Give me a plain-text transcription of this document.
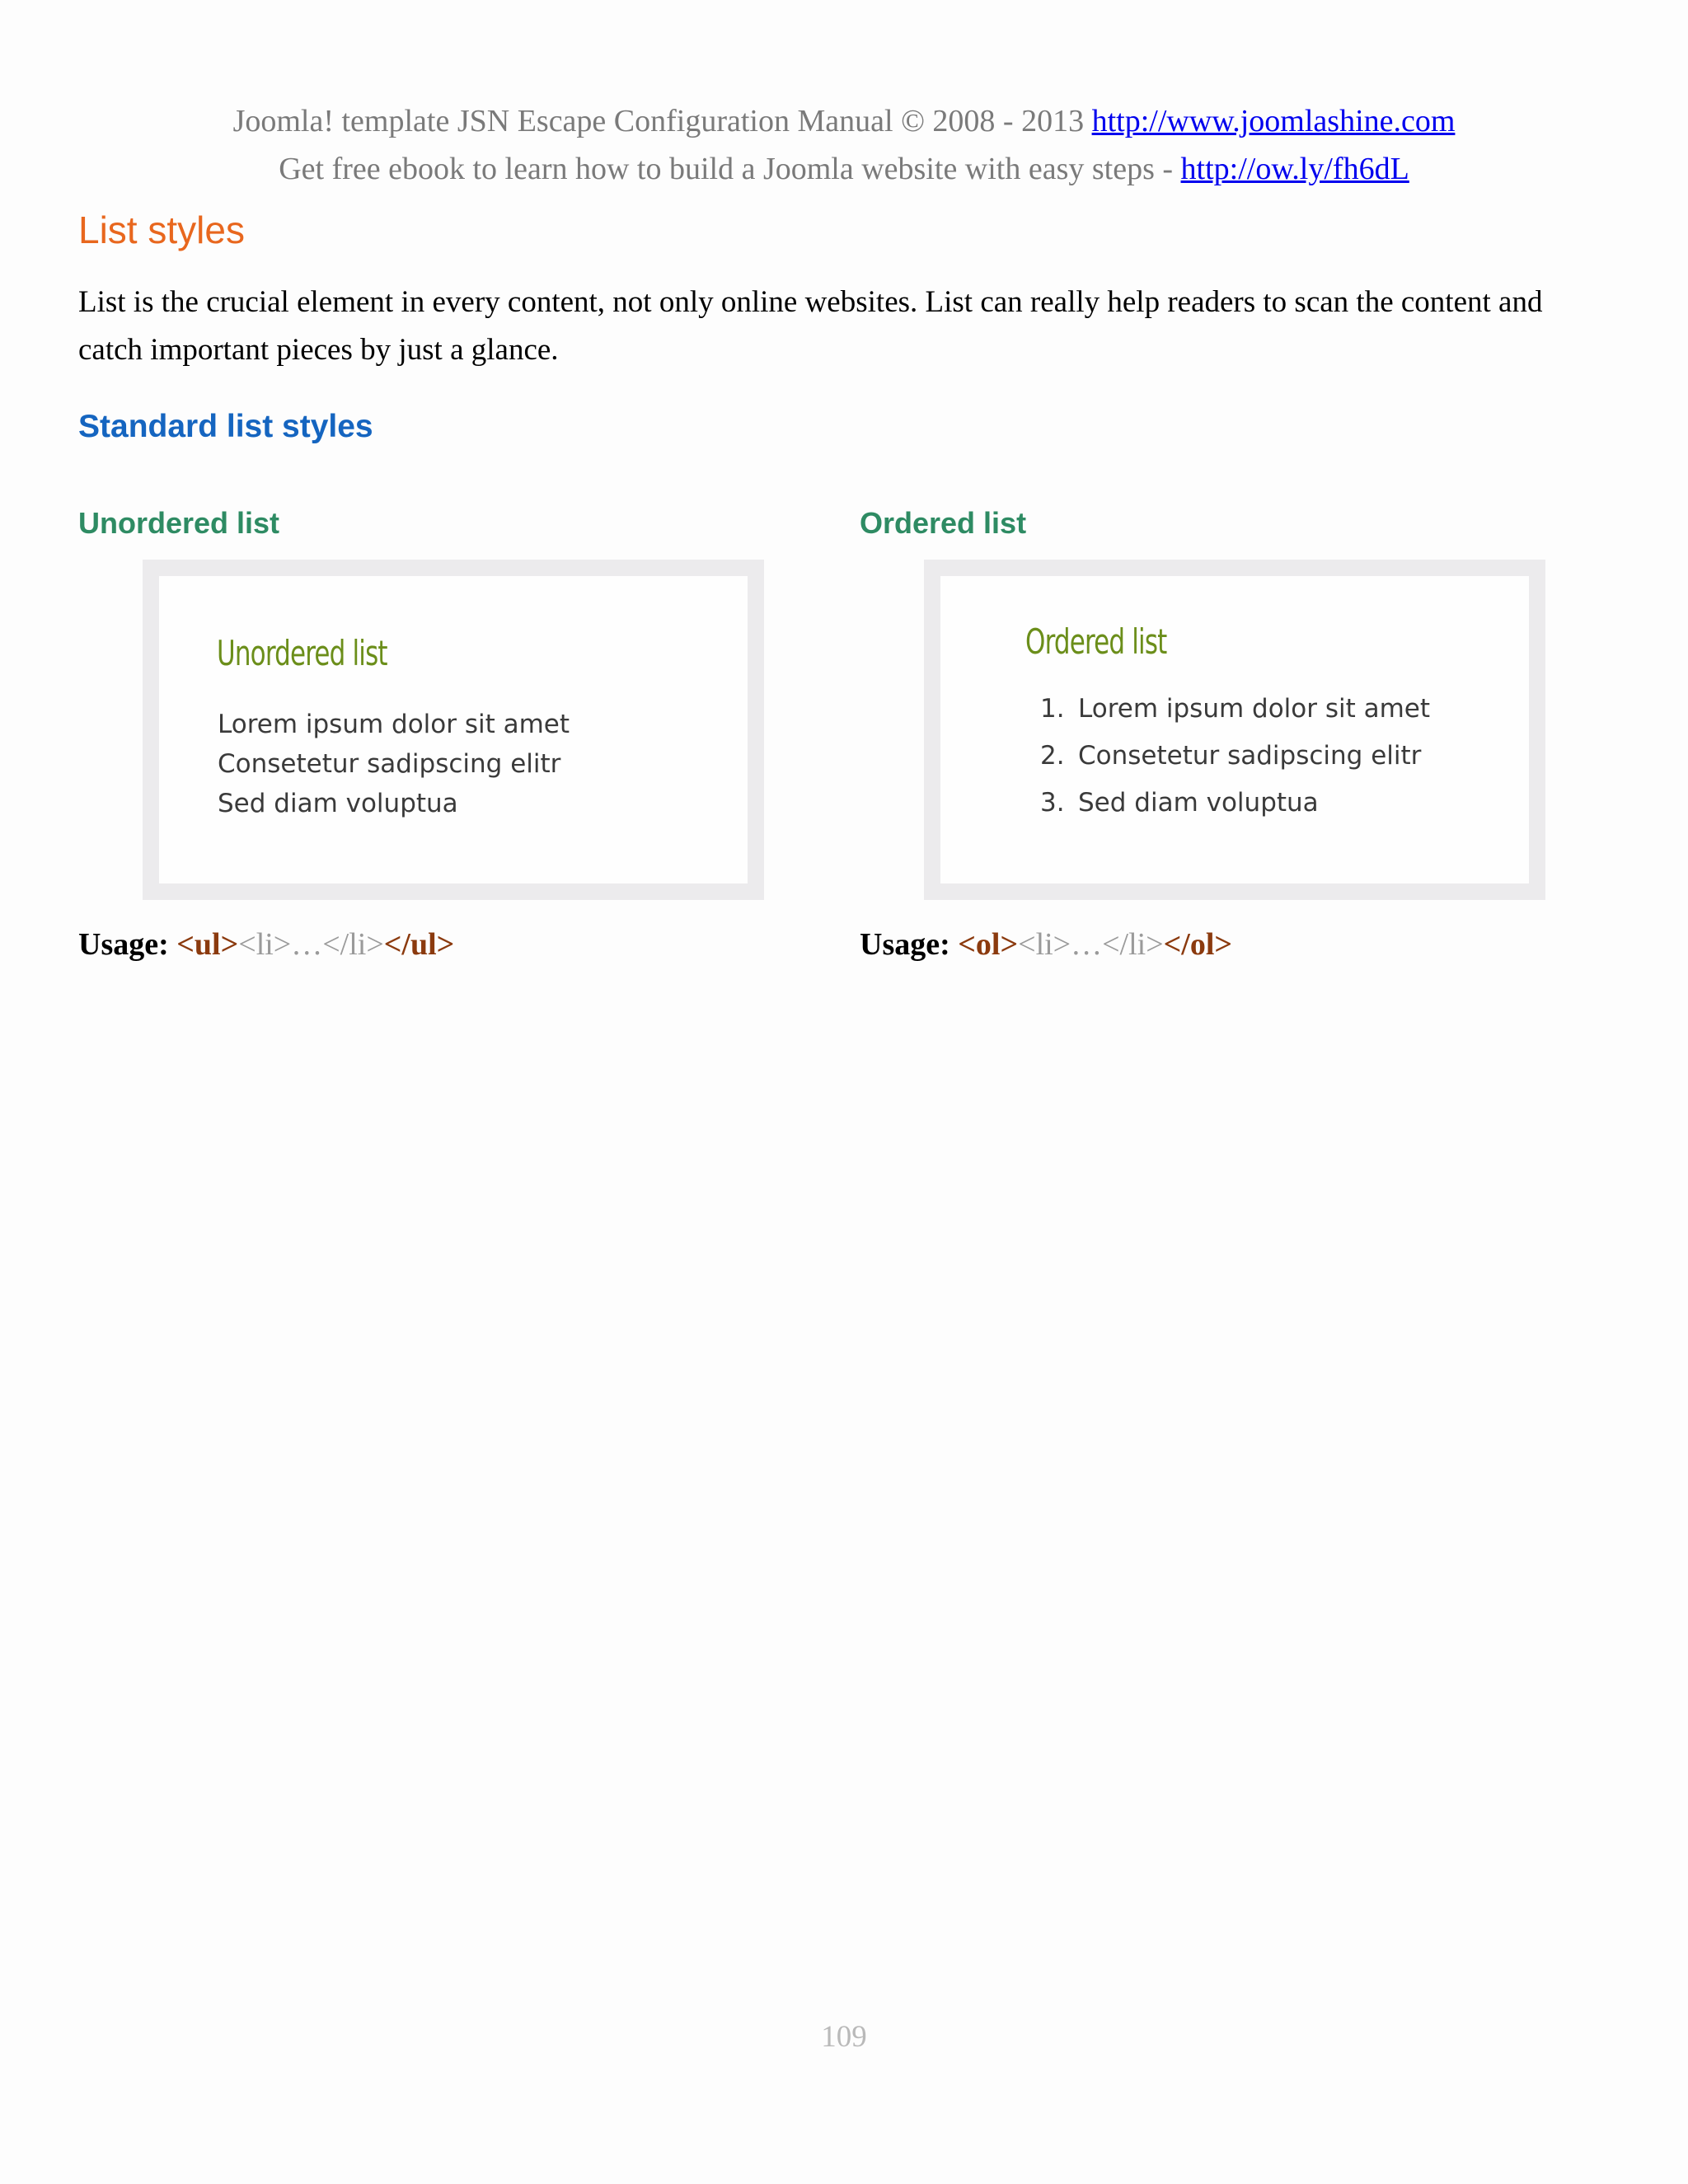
Joomla! template JSN Escape Configuration Manual © 2008 - 2013 http://www.joomlashine.com
Get free ebook to learn how to build a Joomla website with easy steps - http://ow.ly/fh6dL
List styles

List is the crucial element in every content, not only online websites. List can really help readers to scan the content and catch important pieces by just a glance.

Standard list styles
Unordered list
Unordered list
Lorem ipsum dolor sit amet
Consetetur sadipscing elitr
Sed diam voluptua
Usage: <ul><li>…</li></ul>
Ordered list
Ordered list
1. Lorem ipsum dolor sit amet
2. Consetetur sadipscing elitr
3. Sed diam voluptua
Usage: <ol><li>…</li></ol>
109
